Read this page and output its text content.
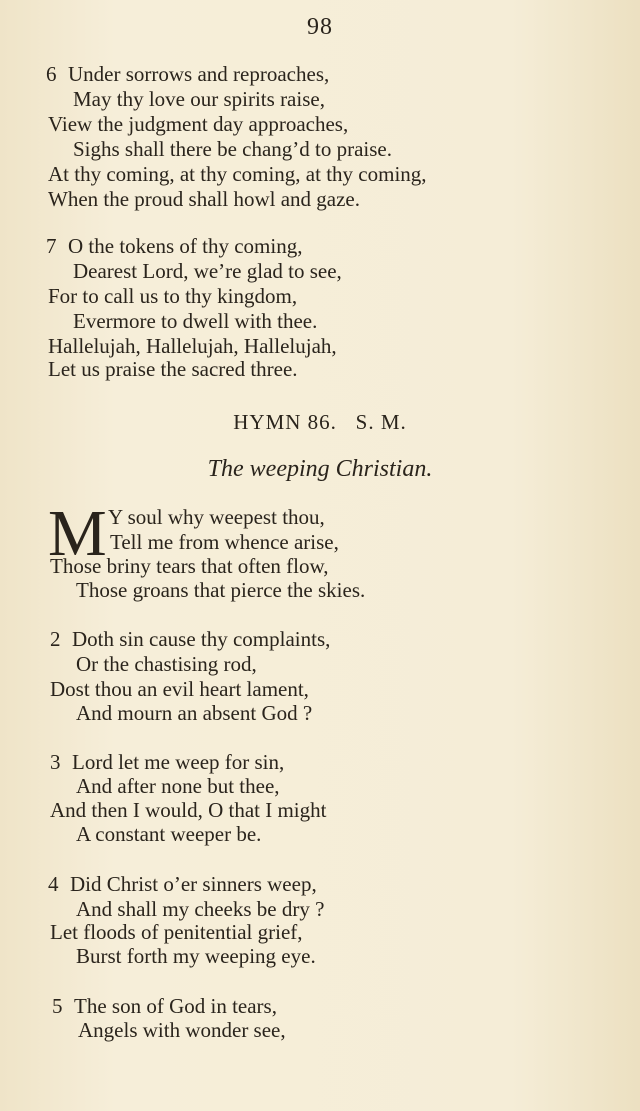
98
6 Under sorrows and reproaches,
May thy love our spirits raise,
View the judgment day approaches,
Sighs shall there be chang’d to praise.
At thy coming, at thy coming, at thy coming,
When the proud shall howl and gaze.
7 O the tokens of thy coming,
Dearest Lord, we’re glad to see,
For to call us to thy kingdom,
Evermore to dwell with thee.
Hallelujah, Hallelujah, Hallelujah,
Let us praise the sacred three.
HYMN 86.   S. M.
The weeping Christian.
M Y soul why weepest thou,
Tell me from whence arise,
Those briny tears that often flow,
Those groans that pierce the skies.
2 Doth sin cause thy complaints,
Or the chastising rod,
Dost thou an evil heart lament,
And mourn an absent God ?
3 Lord let me weep for sin,
And after none but thee,
And then I would, O that I might
A constant weeper be.
4 Did Christ o’er sinners weep,
And shall my cheeks be dry ?
Let floods of penitential grief,
Burst forth my weeping eye.
5 The son of God in tears,
Angels with wonder see,
